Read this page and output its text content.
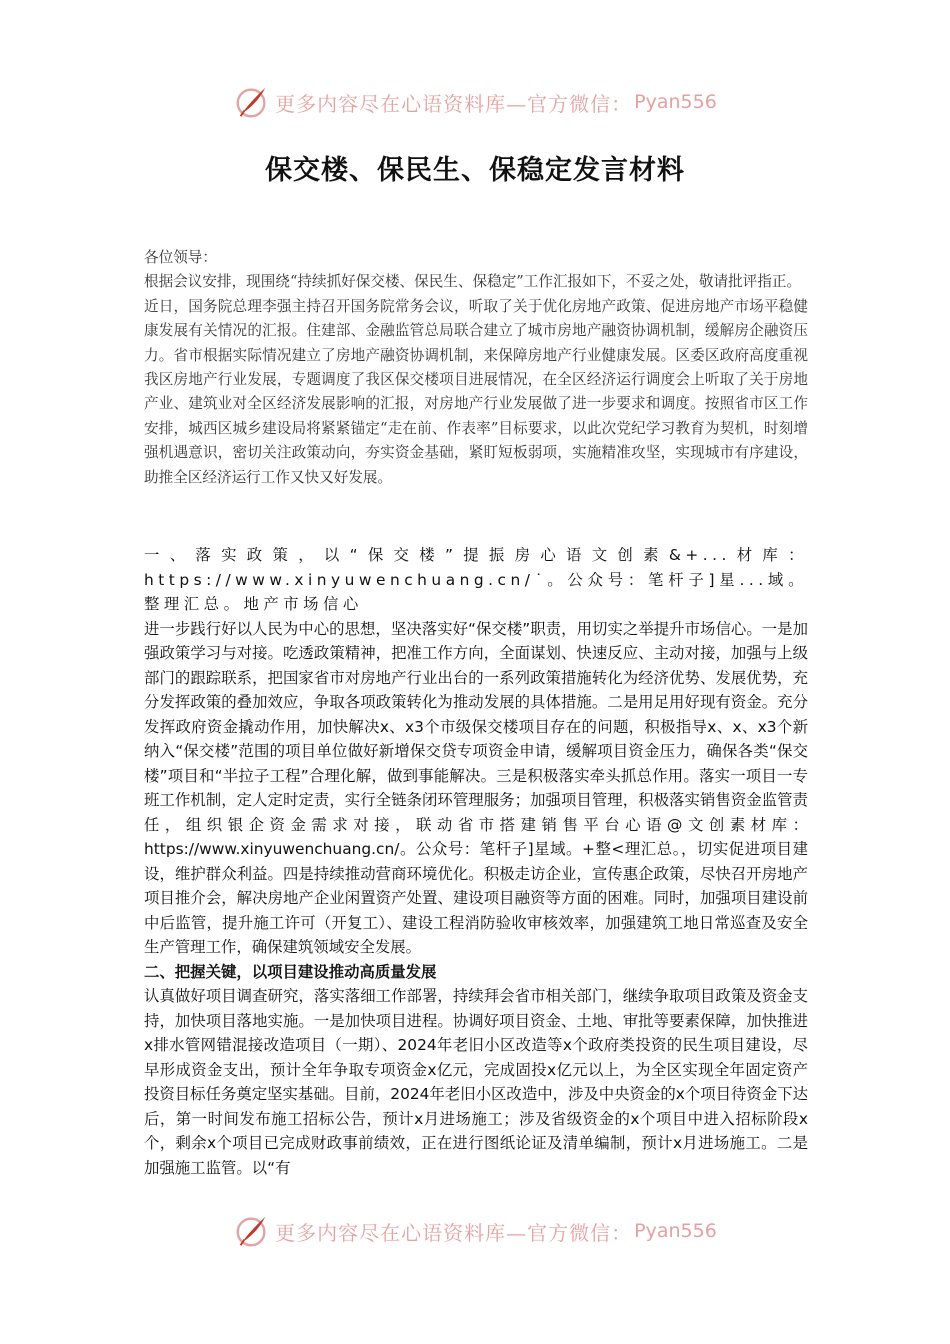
更多内容尽在心语资料库—官方微信： Pyan556
保交楼、保民生、保稳定发言材料

各位领导：

根据会议安排，现围绕“持续抓好保交楼、保民生、保稳定”工作汇报如下，不妥之处，敬请批评指正。

近日，国务院总理李强主持召开国务院常务会议，听取了关于优化房地产政策、促进房地产市场平稳健康发展有关情况的汇报。住建部、金融监管总局联合建立了城市房地产融资协调机制，缓解房企融资压力。省市根据实际情况建立了房地产融资协调机制，来保障房地产行业健康发展。区委区政府高度重视我区房地产行业发展，专题调度了我区保交楼项目进展情况，在全区经济运行调度会上听取了关于房地产业、建筑业对全区经济发展影响的汇报，对房地产行业发展做了进一步要求和调度。按照省市区工作安排，城西区城乡建设局将紧紧锚定“走在前、作表率”目标要求，以此次党纪学习教育为契机，时刻增强机遇意识，密切关注政策动向，夯实资金基础，紧盯短板弱项，实施精准攻坚，实现城市有序建设，助推全区经济运行工作又快又好发展。

一、落实政策，以“保交楼”提振房心语文创素&+...材库：https://www.xinyuwenchuang.cn/˙。公众号：笔杆子]星...域。整理汇总。地产市场信心

进一步践行好以人民为中心的思想，坚决落实好“保交楼”职责，用切实之举提升市场信心。一是加强政策学习与对接。吃透政策精神，把准工作方向，全面谋划、快速反应、主动对接，加强与上级部门的跟踪联系，把国家省市对房地产行业出台的一系列政策措施转化为经济优势、发展优势，充分发挥政策的叠加效应，争取各项政策转化为推动发展的具体措施。二是用足用好现有资金。充分发挥政府资金撬动作用，加快解决x、x3个市级保交楼项目存在的问题，积极指导x、x、x3个新纳入“保交楼”范围的项目单位做好新增保交贷专项资金申请，缓解项目资金压力，确保各类“保交楼”项目和“半拉子工程”合理化解，做到事能解决。三是积极落实牵头抓总作用。落实一项目一专班工作机制，定人定时定责，实行全链条闭环管理服务；加强项目管理，积极落实销售资金监管责任，组织银企资金需求对接，联动省市搭建销售平台心语@文创素材库：https://www.xinyuwenchuang.cn/。公众号：笔杆子]星域。+整<理汇总。，切实促进项目建设，维护群众利益。四是持续推动营商环境优化。积极走访企业，宣传惠企政策，尽快召开房地产项目推介会，解决房地产企业闲置资产处置、建设项目融资等方面的困难。同时，加强项目建设前中后监管，提升施工许可（开复工）、建设工程消防验收审核效率，加强建筑工地日常巡查及安全生产管理工作，确保建筑领域安全发展。

二、把握关键，以项目建设推动高质量发展

认真做好项目调查研究，落实落细工作部署，持续拜会省市相关部门，继续争取项目政策及资金支持，加快项目落地实施。一是加快项目进程。协调好项目资金、土地、审批等要素保障，加快推进x排水管网错混接改造项目（一期）、2024年老旧小区改造等x个政府类投资的民生项目建设，尽早形成资金支出，预计全年争取专项资金x亿元，完成固投x亿元以上，为全区实现全年固定资产投资目标任务奠定坚实基础。目前，2024年老旧小区改造中，涉及中央资金的x个项目待资金下达后，第一时间发布施工招标公告，预计x月进场施工；涉及省级资金的x个项目中进入招标阶段x个，剩余x个项目已完成财政事前绩效，正在进行图纸论证及清单编制，预计x月进场施工。二是加强施工监管。以“有

更多内容尽在心语资料库—官方微信： Pyan556
